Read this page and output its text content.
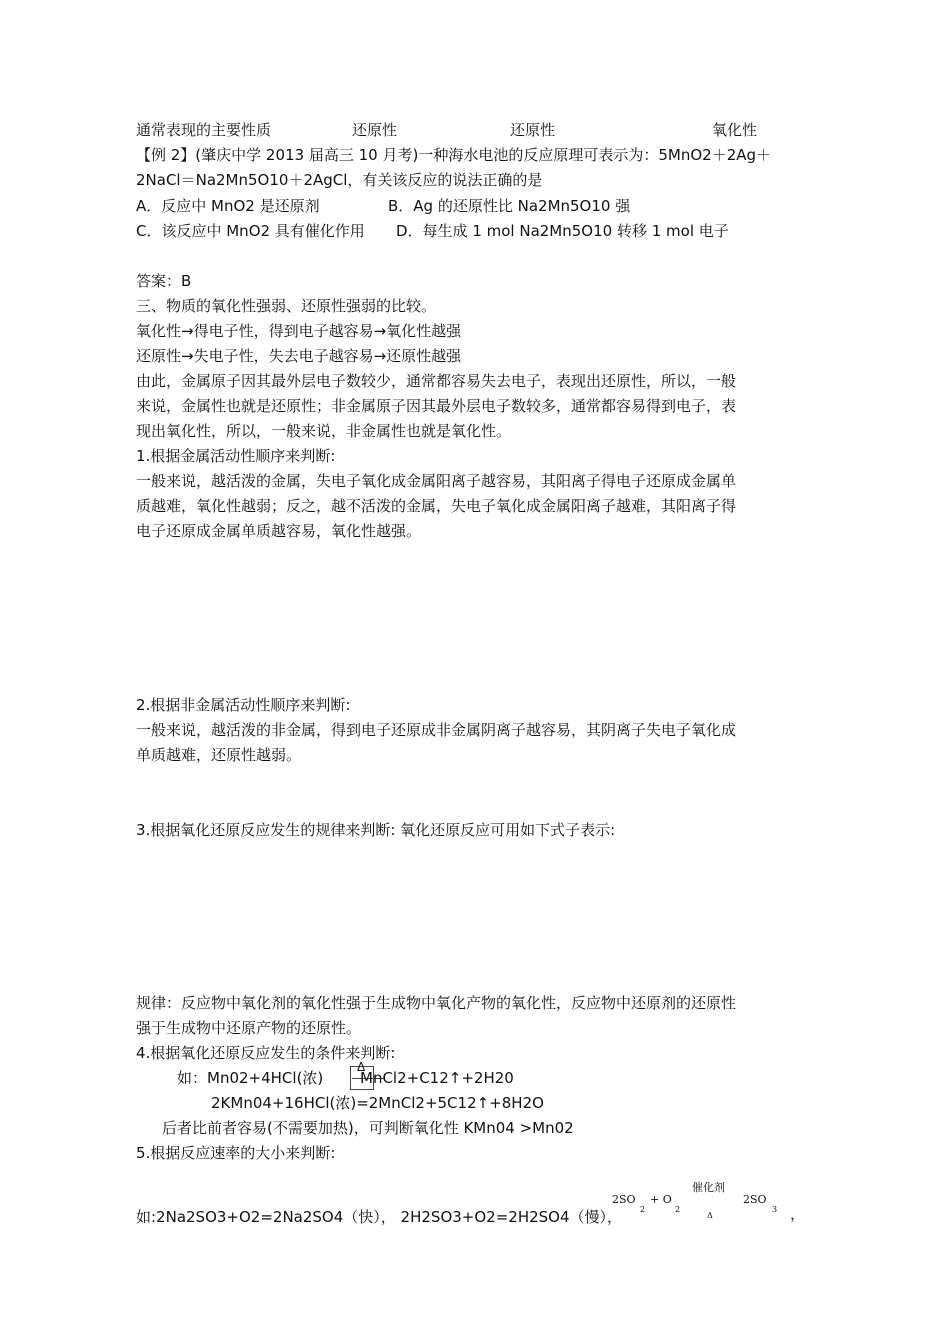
通常表现的主要性质	还原性	还原性	氧化性
【例 2】(肇庆中学 2013 届高三 10 月考)一种海水电池的反应原理可表示为：5MnO2＋2Ag＋
2NaCl＝Na2Mn5O10＋2AgCl，有关该反应的说法正确的是
A．反应中 MnO2 是还原剂	B．Ag 的还原性比 Na2Mn5O10 强
C．该反应中 MnO2 具有催化作用 D．每生成 1 mol Na2Mn5O10 转移 1 mol 电子
答案：B
三、物质的氧化性强弱、还原性强弱的比较。
氧化性→得电子性，得到电子越容易→氧化性越强
还原性→失电子性，失去电子越容易→还原性越强

由此，金属原子因其最外层电子数较少，通常都容易失去电子，表现出还原性，所以，一般

来说，金属性也就是还原性；非金属原子因其最外层电子数较多，通常都容易得到电子，表

现出氧化性，所以，一般来说，非金属性也就是氧化性。

1.根据金属活动性顺序来判断:

一般来说，越活泼的金属，失电子氧化成金属阳离子越容易，其阳离子得电子还原成金属单

质越难，氧化性越弱；反之，越不活泼的金属，失电子氧化成金属阳离子越难，其阳离子得

电子还原成金属单质越容易，氧化性越强。

2.根据非金属活动性顺序来判断:

一般来说，越活泼的非金属，得到电子还原成非金属阴离子越容易，其阴离子失电子氧化成

单质越难，还原性越弱。

3.根据氧化还原反应发生的规律来判断: 氧化还原反应可用如下式子表示:

规律：反应物中氧化剂的氧化性强于生成物中氧化产物的氧化性，反应物中还原剂的还原性

强于生成物中还原产物的还原性。

4.根据氧化还原反应发生的条件来判断:
如：Mn02+4HCl(浓)
Δ
MnCl2+C12↑+2H20
2KMn04+16HCl(浓)=2MnCl2+5C12↑+8H2O
后者比前者容易(不需要加热)，可判断氧化性 KMn04 >Mn02
5.根据反应速率的大小来判断:
如:2Na2SO3+O2=2Na2SO4（快）， 2H2SO3+O2=2H2SO4（慢），
2SO
2
+ O
2
催化剂
Δ
2SO
3 ，
